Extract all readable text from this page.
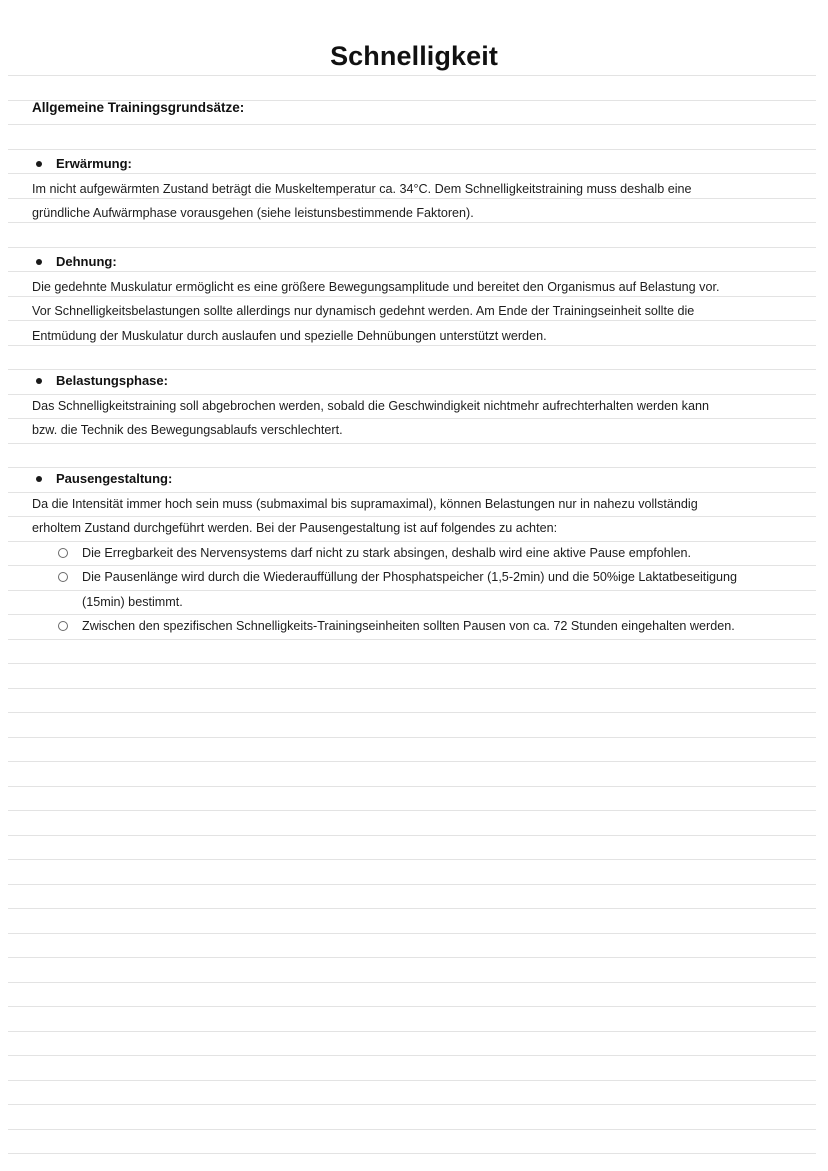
Schnelligkeit
Allgemeine Trainingsgrundsätze:
Erwärmung:
Im nicht aufgewärmten Zustand beträgt die Muskeltemperatur ca. 34°C. Dem Schnelligkeitstraining muss deshalb eine
gründliche Aufwärmphase vorausgehen (siehe leistunsbestimmende Faktoren).
Dehnung:
Die gedehnte Muskulatur ermöglicht es eine größere Bewegungsamplitude und bereitet den Organismus auf Belastung vor.
Vor Schnelligkeitsbelastungen sollte allerdings nur dynamisch gedehnt werden. Am Ende der Trainingseinheit sollte die
Entmüdung der Muskulatur durch auslaufen und spezielle Dehnübungen unterstützt werden.
Belastungsphase:
Das Schnelligkeitstraining soll abgebrochen werden, sobald die Geschwindigkeit nichtmehr aufrechterhalten werden kann
bzw. die Technik des Bewegungsablaufs verschlechtert.
Pausengestaltung:
Da die Intensität immer hoch sein muss (submaximal bis supramaximal), können Belastungen nur in nahezu vollständig
erholtem Zustand durchgeführt werden. Bei der Pausengestaltung ist auf folgendes zu achten:
Die Erregbarkeit des Nervensystems darf nicht zu stark absingen, deshalb wird eine aktive Pause empfohlen.
Die Pausenlänge wird durch die Wiederauffüllung der Phosphatspeicher (1,5-2min) und die 50%ige Laktatbeseitigung
(15min) bestimmt.
Zwischen den spezifischen Schnelligkeits-Trainingseinheiten sollten Pausen von ca. 72 Stunden eingehalten werden.
